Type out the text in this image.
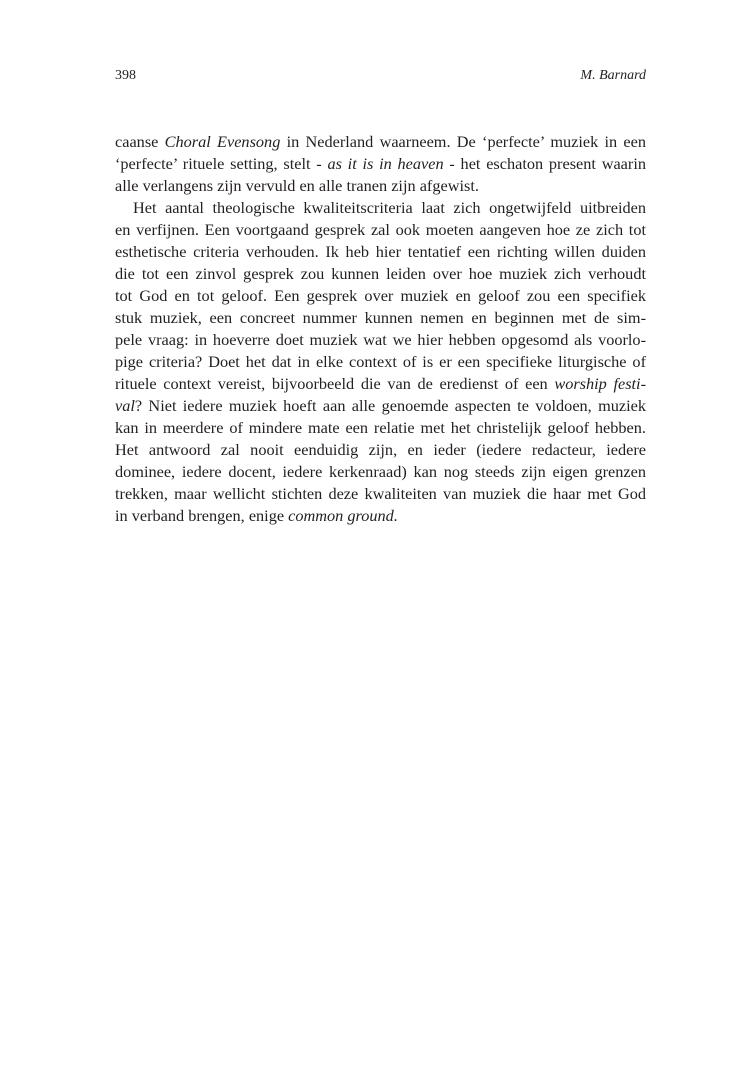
398	M. Barnard
caanse Choral Evensong in Nederland waarneem. De ‘perfecte’ muziek in een
‘perfecte’ rituele setting, stelt - as it is in heaven - het eschaton present waarin
alle verlangens zijn vervuld en alle tranen zijn afgewist.
Het aantal theologische kwaliteitscriteria laat zich ongetwijfeld uitbreiden
en verfijnen. Een voortgaand gesprek zal ook moeten aangeven hoe ze zich tot
esthetische criteria verhouden. Ik heb hier tentatief een richting willen duiden
die tot een zinvol gesprek zou kunnen leiden over hoe muziek zich verhoudt
tot God en tot geloof. Een gesprek over muziek en geloof zou een specifiek
stuk muziek, een concreet nummer kunnen nemen en beginnen met de sim-
pele vraag: in hoeverre doet muziek wat we hier hebben opgesomd als voorlo-
pige criteria? Doet het dat in elke context of is er een specifieke liturgische of
rituele context vereist, bijvoorbeeld die van de eredienst of een worship festi-
val? Niet iedere muziek hoeft aan alle genoemde aspecten te voldoen, muziek
kan in meerdere of mindere mate een relatie met het christelijk geloof hebben.
Het antwoord zal nooit eenduidig zijn, en ieder (iedere redacteur, iedere
dominee, iedere docent, iedere kerkenraad) kan nog steeds zijn eigen grenzen
trekken, maar wellicht stichten deze kwaliteiten van muziek die haar met God
in verband brengen, enige common ground.
